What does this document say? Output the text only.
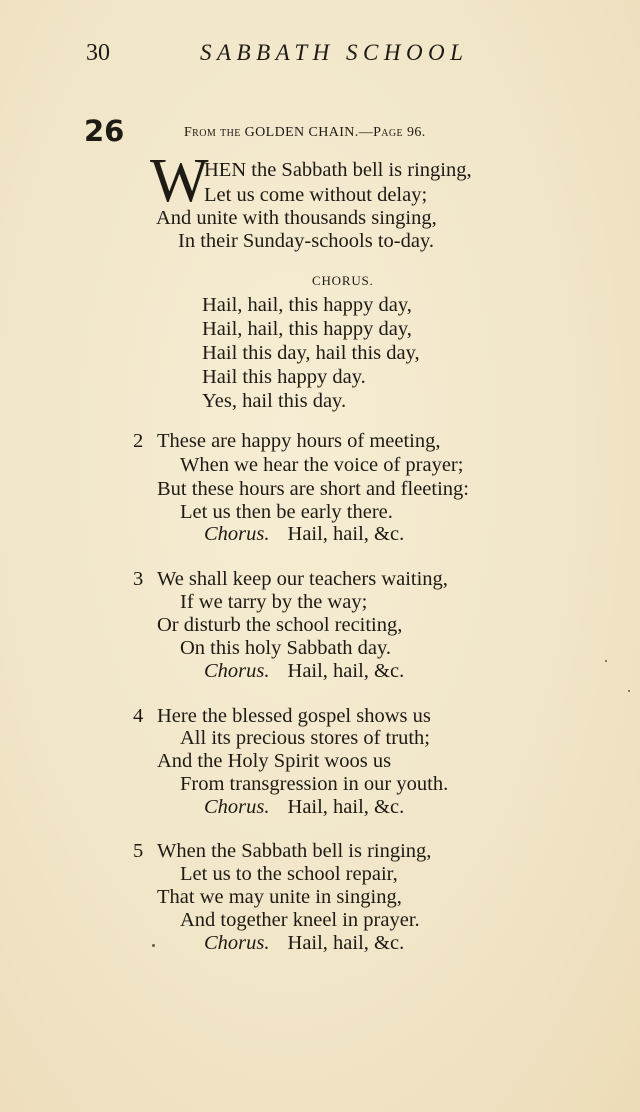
30	SABBATH SCHOOL
26	From the GOLDEN CHAIN.—Page 96.
W
HEN the Sabbath bell is ringing,
Let us come without delay;
And unite with thousands singing,
In their Sunday-schools to-day.
CHORUS.
Hail, hail, this happy day,
Hail, hail, this happy day,
Hail this day, hail this day,
Hail this happy day.
Yes, hail this day.
2 These are happy hours of meeting,
When we hear the voice of prayer;
But these hours are short and fleeting:
Let us then be early there.
Chorus. Hail, hail, &c.
3 We shall keep our teachers waiting,
If we tarry by the way;
Or disturb the school reciting,
On this holy Sabbath day.
Chorus. Hail, hail, &c.
4 Here the blessed gospel shows us
All its precious stores of truth;
And the Holy Spirit woos us
From transgression in our youth.
Chorus. Hail, hail, &c.
5 When the Sabbath bell is ringing,
Let us to the school repair,
That we may unite in singing,
And together kneel in prayer.
Chorus. Hail, hail, &c.
